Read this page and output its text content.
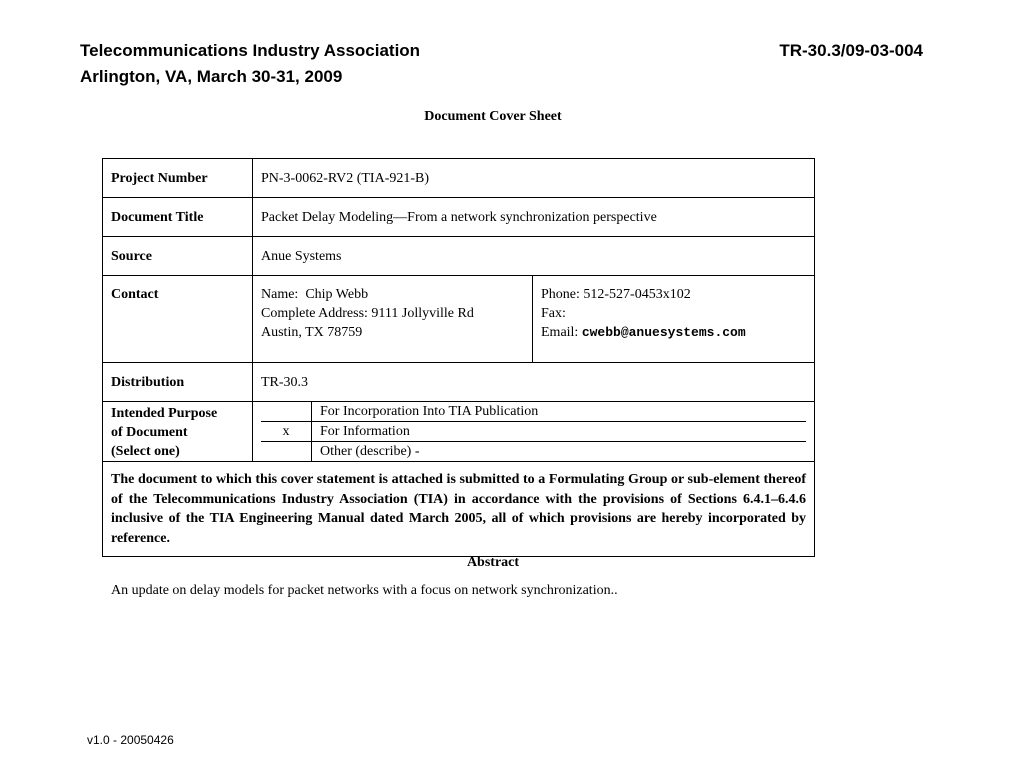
Telecommunications Industry Association
Arlington, VA, March 30-31, 2009
TR-30.3/09-03-004
Document Cover Sheet
Project Number	PN-3-0062-RV2 (TIA-921-B)
Document Title	Packet Delay Modeling—From a network synchronization perspective
Source	Anue Systems
Contact	Name:  Chip Webb
Complete Address: 9111 Jollyville Rd
Austin, TX 78759

Phone: 512-527-0453x102
Fax:
Email: cwebb@anuesystems.com

Distribution	TR-30.3

Intended Purpose
of Document
(Select one)

	For Incorporation Into TIA Publication
x	For Information
	Other (describe) -

The document to which this cover statement is attached is submitted to a Formulating Group or sub-element thereof of the Telecommunications Industry Association (TIA) in accordance with the provisions of Sections 6.4.1–6.4.6 inclusive of the TIA Engineering Manual dated March 2005, all of which provisions are hereby incorporated by reference.
Abstract
An update on delay models for packet networks with a focus on network synchronization..
v1.0 - 20050426
